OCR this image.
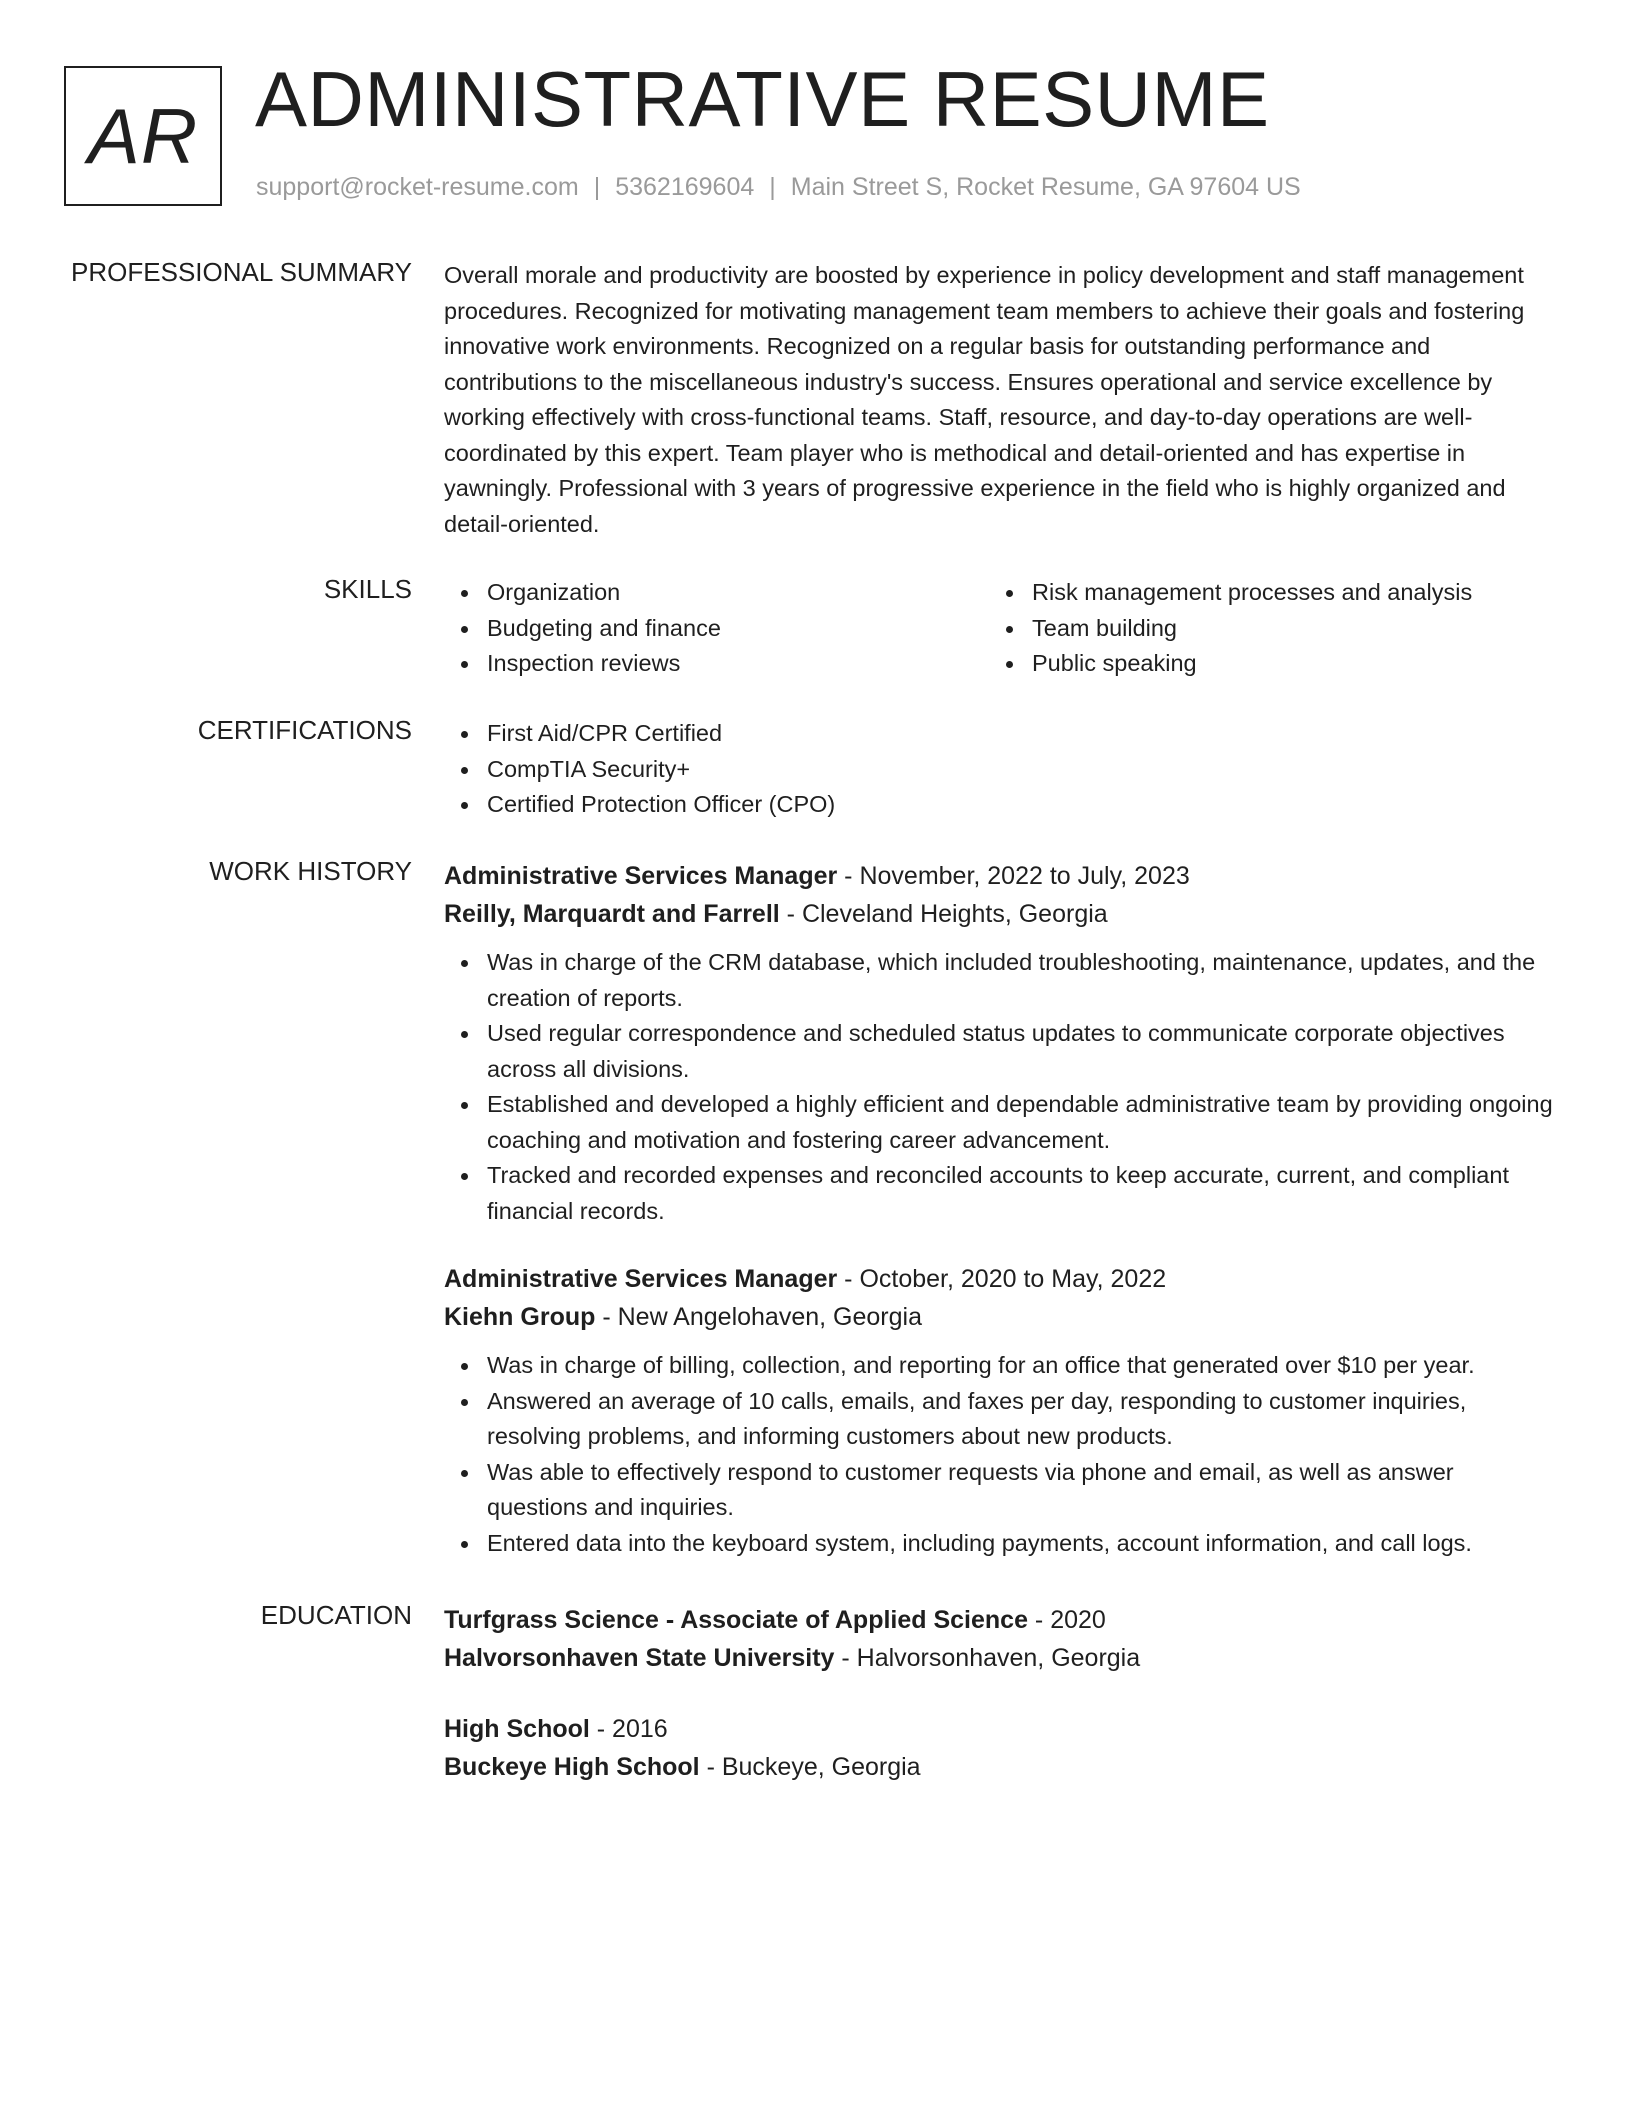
AR ADMINISTRATIVE RESUME
support@rocket-resume.com | 5362169604 | Main Street S, Rocket Resume, GA 97604 US
PROFESSIONAL SUMMARY Overall morale and productivity are boosted by experience in policy development and staff management procedures. Recognized for motivating management team members to achieve their goals and fostering innovative work environments. Recognized on a regular basis for outstanding performance and contributions to the miscellaneous industry's success. Ensures operational and service excellence by working effectively with cross-functional teams. Staff, resource, and day-to-day operations are well-coordinated by this expert. Team player who is methodical and detail-oriented and has expertise in yawningly. Professional with 3 years of progressive experience in the field who is highly organized and detail-oriented.

SKILLS	Organization
Budgeting and finance
Inspection reviews
Risk management processes and analysis
Team building
Public speaking
CERTIFICATIONS	First Aid/CPR Certified
CompTIA Security+
Certified Protection Officer (CPO)
WORK HISTORY Administrative Services Manager - November, 2022 to July, 2023
Reilly, Marquardt and Farrell - Cleveland Heights, Georgia
Was in charge of the CRM database, which included troubleshooting, maintenance, updates, and the creation of reports.
Used regular correspondence and scheduled status updates to communicate corporate objectives across all divisions.
Established and developed a highly efficient and dependable administrative team by providing ongoing coaching and motivation and fostering career advancement.
Tracked and recorded expenses and reconciled accounts to keep accurate, current, and compliant financial records.
Administrative Services Manager - October, 2020 to May, 2022
Kiehn Group - New Angelohaven, Georgia
Was in charge of billing, collection, and reporting for an office that generated over $10 per year.
Answered an average of 10 calls, emails, and faxes per day, responding to customer inquiries, resolving problems, and informing customers about new products.
Was able to effectively respond to customer requests via phone and email, as well as answer questions and inquiries.
Entered data into the keyboard system, including payments, account information, and call logs.
EDUCATION Turfgrass Science - Associate of Applied Science - 2020
Halvorsonhaven State University - Halvorsonhaven, Georgia
High School - 2016
Buckeye High School - Buckeye, Georgia
